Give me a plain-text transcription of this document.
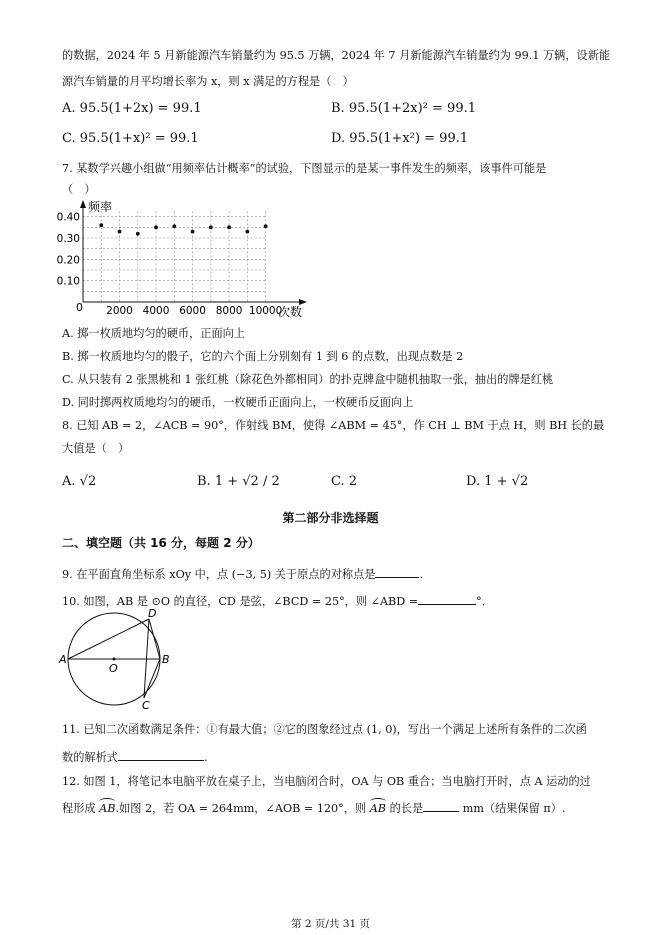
的数据，2024 年 5 月新能源汽车销量约为 95.5 万辆，2024 年 7 月新能源汽车销量约为 99.1 万辆，设新能
源汽车销量的月平均增长率为 x，则 x 满足的方程是（　）
A. 95.5(1+2x) = 99.1	B. 95.5(1+2x)² = 99.1
C. 95.5(1+x)² = 99.1	D. 95.5(1+x²) = 99.1
7. 某数学兴趣小组做“用频率估计概率”的试验，下图显示的是某一事件发生的频率，该事件可能是
（　）
2000 4000 6000 8000 10000
0.10
0.20
0.30
0.40
频率
次数
0
A. 掷一枚质地均匀的硬币，正面向上
B. 掷一枚质地均匀的骰子，它的六个面上分别刻有 1 到 6 的点数，出现点数是 2
C. 从只装有 2 张黑桃和 1 张红桃（除花色外都相同）的扑克牌盒中随机抽取一张，抽出的牌是红桃
D. 同时掷两枚质地均匀的硬币，一枚硬币正面向上，一枚硬币反面向上
8. 已知 AB = 2，∠ACB = 90°，作射线 BM，使得 ∠ABM = 45°，作 CH ⊥ BM 于点 H，则 BH 长的最
大值是（　）
A. √2	B. 1 + √2 / 2	C. 2	D. 1 + √2
第二部分非选择题
二、填空题（共 16 分，每题 2 分）
9. 在平面直角坐标系 xOy 中，点 (−3, 5) 关于原点的对称点是	.
10. 如图，AB 是 ⊙O 的直径，CD 是弦，∠BCD = 25°，则 ∠ABD =	°．
A	B
C
D
O
11. 已知二次函数满足条件：①有最大值；②它的图象经过点 (1, 0)，写出一个满足上述所有条件的二次函
数的解析式	.
12. 如图 1，将笔记本电脑平放在桌子上，当电脑闭合时，OA 与 OB 重合；当电脑打开时，点 A 运动的过
程形成 AB.如图 2，若 OA = 264mm，∠AOB = 120°，则 AB 的长是	mm（结果保留 π）.
第 2 页/共 31 页
